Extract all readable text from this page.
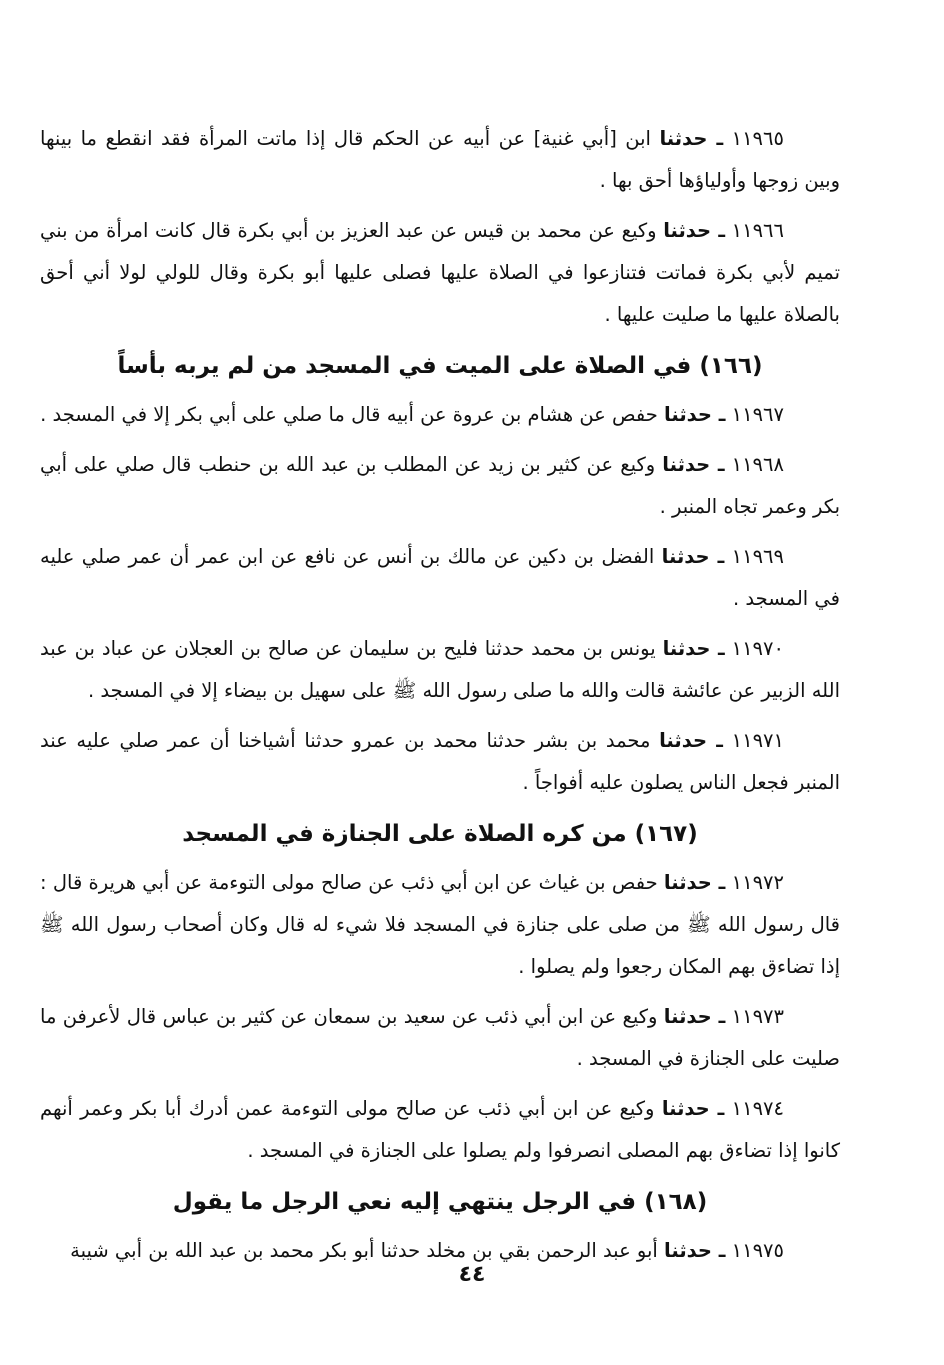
١١٩٦٥ ـ حدثنا ابن [أبي غنية] عن أبيه عن الحكم قال إذا ماتت المرأة فقد انقطع ما بينها وبين زوجها وأولياؤها أحق بها .

١١٩٦٦ ـ حدثنا وكيع عن محمد بن قيس عن عبد العزيز بن أبي بكرة قال كانت امرأة من بني تميم لأبي بكرة فماتت فتنازعوا في الصلاة عليها فصلى عليها أبو بكرة وقال للولي لولا أني أحق بالصلاة عليها ما صليت عليها .

(١٦٦) في الصلاة على الميت في المسجد من لم يربه بأساً

١١٩٦٧ ـ حدثنا حفص عن هشام بن عروة عن أبيه قال ما صلي على أبي بكر إلا في المسجد .

١١٩٦٨ ـ حدثنا وكيع عن كثير بن زيد عن المطلب بن عبد الله بن حنطب قال صلي على أبي بكر وعمر تجاه المنبر .

١١٩٦٩ ـ حدثنا الفضل بن دكين عن مالك بن أنس عن نافع عن ابن عمر أن عمر صلي عليه في المسجد .

١١٩٧٠ ـ حدثنا يونس بن محمد حدثنا فليح بن سليمان عن صالح بن العجلان عن عباد بن عبد الله الزبير عن عائشة قالت والله ما صلى رسول الله ﷺ على سهيل بن بيضاء إلا في المسجد .

١١٩٧١ ـ حدثنا محمد بن بشر حدثنا محمد بن عمرو حدثنا أشياخنا أن عمر صلي عليه عند المنبر فجعل الناس يصلون عليه أفواجاً .

(١٦٧) من كره الصلاة على الجنازة في المسجد

١١٩٧٢ ـ حدثنا حفص بن غياث عن ابن أبي ذئب عن صالح مولى التوءمة عن أبي هريرة قال : قال رسول الله ﷺ من صلى على جنازة في المسجد فلا شيء له قال وكان أصحاب رسول الله ﷺ إذا تضاءق بهم المكان رجعوا ولم يصلوا .

١١٩٧٣ ـ حدثنا وكيع عن ابن أبي ذئب عن سعيد بن سمعان عن كثير بن عباس قال لأعرفن ما صليت على الجنازة في المسجد .

١١٩٧٤ ـ حدثنا وكيع عن ابن أبي ذئب عن صالح مولى التوءمة عمن أدرك أبا بكر وعمر أنهم كانوا إذا تضاءق بهم المصلى انصرفوا ولم يصلوا على الجنازة في المسجد .

(١٦٨) في الرجل ينتهي إليه نعي الرجل ما يقول

١١٩٧٥ ـ حدثنا أبو عبد الرحمن بقي بن مخلد حدثنا أبو بكر محمد بن عبد الله بن أبي شيبة

٤٤
